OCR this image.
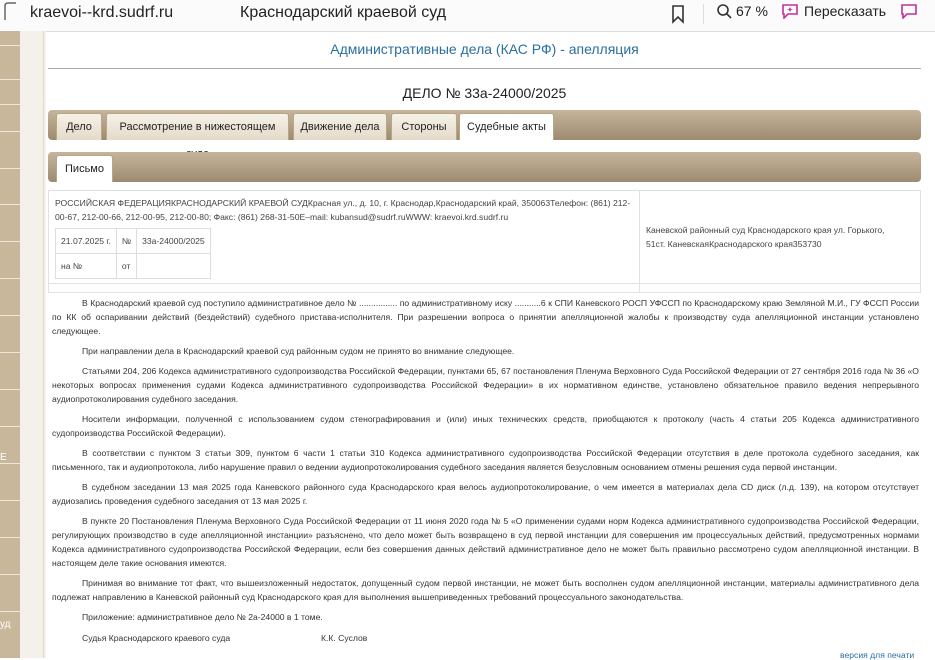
kraevoi--krd.sudrf.ru	Краснодарский краевой суд	67 %	Пересказать
E
уд
Административные дела (КАС РФ) - апелляция
ДЕЛО № 33а-24000/2025
Дело	Рассмотрение в нижестоящем	Движение дела	Стороны	Судебные акты
Письмо
РОССИЙСКАЯ ФЕДЕРАЦИЯКРАСНОДАРСКИЙ КРАЕВОЙ СУДКрасная ул., д. 10, г. Краснодар,Краснодарский край, 350063Телефон: (861) 212-00-67, 212-00-66, 212-00-95, 212-00-80; Факс: (861) 268-31-50E–mail: kubansud@sudrf.ruWWW: kraevoi.krd.sudrf.ru
21.07.2025 г.	№	33а-24000/2025
на №	от	
Каневской районный суд Краснодарского края ул. Горького, 51ст. КаневскаяКраснодарского края353730

В Краснодарский краевой суд поступило административное дело № ................ по административному иску ...........6 к СПИ Каневского РОСП УФССП по Краснодарскому краю Земляной М.И., ГУ ФССП России по КК об оспаривании действий (бездействий) судебного пристава-исполнителя. При разрешении вопроса о принятии апелляционной жалобы к производству суда апелляционной инстанции установлено следующее.

При направлении дела в Краснодарский краевой суд районным судом не принято во внимание следующее.

Статьями 204, 206 Кодекса административного судопроизводства Российской Федерации, пунктами 65, 67 постановления Пленума Верховного Суда Российской Федерации от 27 сентября 2016 года № 36 «О некоторых вопросах применения судами Кодекса административного судопроизводства Российской Федерации» в их нормативном единстве, установлено обязательное правило ведения непрерывного аудиопротоколирования судебного заседания.

Носители информации, полученной с использованием судом стенографирования и (или) иных технических средств, приобщаются к протоколу (часть 4 статьи 205 Кодекса административного судопроизводства Российской Федерации).

В соответствии с пунктом 3 статьи 309, пунктом 6 части 1 статьи 310 Кодекса административного судопроизводства Российской Федерации отсутствия в деле протокола судебного заседания, как письменного, так и аудиопротокола, либо нарушение правил о ведении аудиопротоколирования судебного заседания является безусловным основанием отмены решения суда первой инстанции.

В судебном заседании 13 мая 2025 года Каневского районного суда Краснодарского края велось аудиопротоколирование, о чем имеется в материалах дела CD диск (л.д. 139), на котором отсутствует аудиозапись проведения судебного заседания от 13 мая 2025 г.

В пункте 20 Постановления Пленума Верховного Суда Российской Федерации от 11 июня 2020 года № 5 «О применении судами норм Кодекса административного судопроизводства Российской Федерации, регулирующих производство в суде апелляционной инстанции» разъяснено, что дело может быть возвращено в суд первой инстанции для совершения им процессуальных действий, предусмотренных нормами Кодекса административного судопроизводства Российской Федерации, если без совершения данных действий административное дело не может быть правильно рассмотрено судом апелляционной инстанции. В настоящем деле такие основания имеются.

Принимая во внимание тот факт, что вышеизложенный недостаток, допущенный судом первой инстанции, не может быть восполнен судом апелляционной инстанции, материалы административного дела подлежат направлению в Каневской районный суд Краснодарского края для выполнения вышеприведенных требований процессуального законодательства.

Приложение: административное дело № 2а-24000 в 1 томе.

Судья Краснодарского краевого суда	К.К. Суслов
версия для печати
